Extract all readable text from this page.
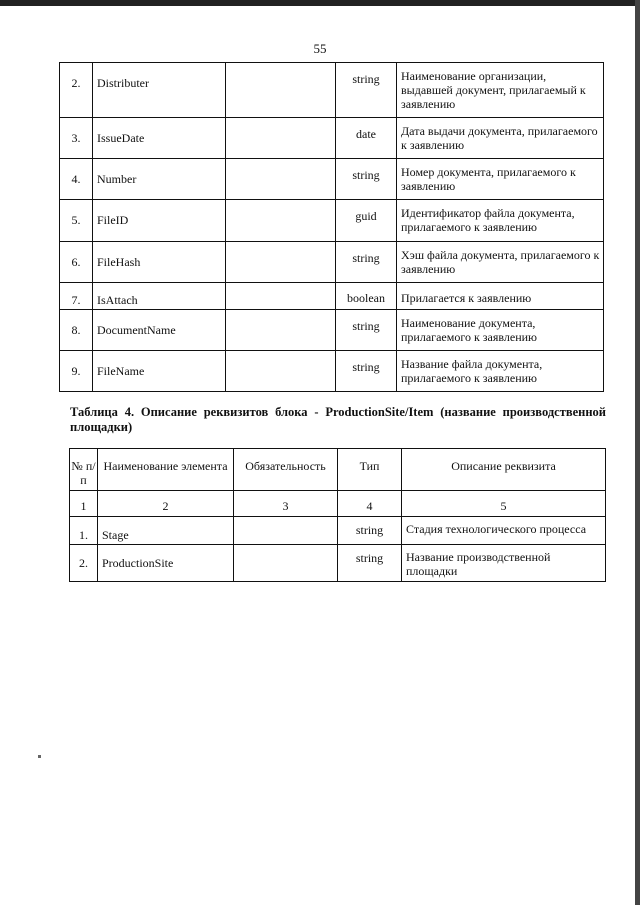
55
2.	Distributer		string	Наименование организации, выдавшей документ, прилагаемый к заявлению
3.	IssueDate		date	Дата выдачи документа, прилагаемого к заявлению
4.	Number		string	Номер документа, прилагаемого к заявлению
5.	FileID		guid	Идентификатор файла документа, прилагаемого к заявлению
6.	FileHash		string	Хэш файла документа, прилагаемого к заявлению
7.	IsAttach		boolean	Прилагается к заявлению
8.	DocumentName		string	Наименование документа, прилагаемого к заявлению
9.	FileName		string	Название файла документа, прилагаемого к заявлению
Таблица 4. Описание реквизитов блока - ProductionSite/Item (название производственной площадки)
№ п/п	Наименование элемента	Обязательность	Тип	Описание реквизита
1	2	3	4	5
1.	Stage		string	Стадия технологического процесса
2.	ProductionSite		string	Название производственной площадки
